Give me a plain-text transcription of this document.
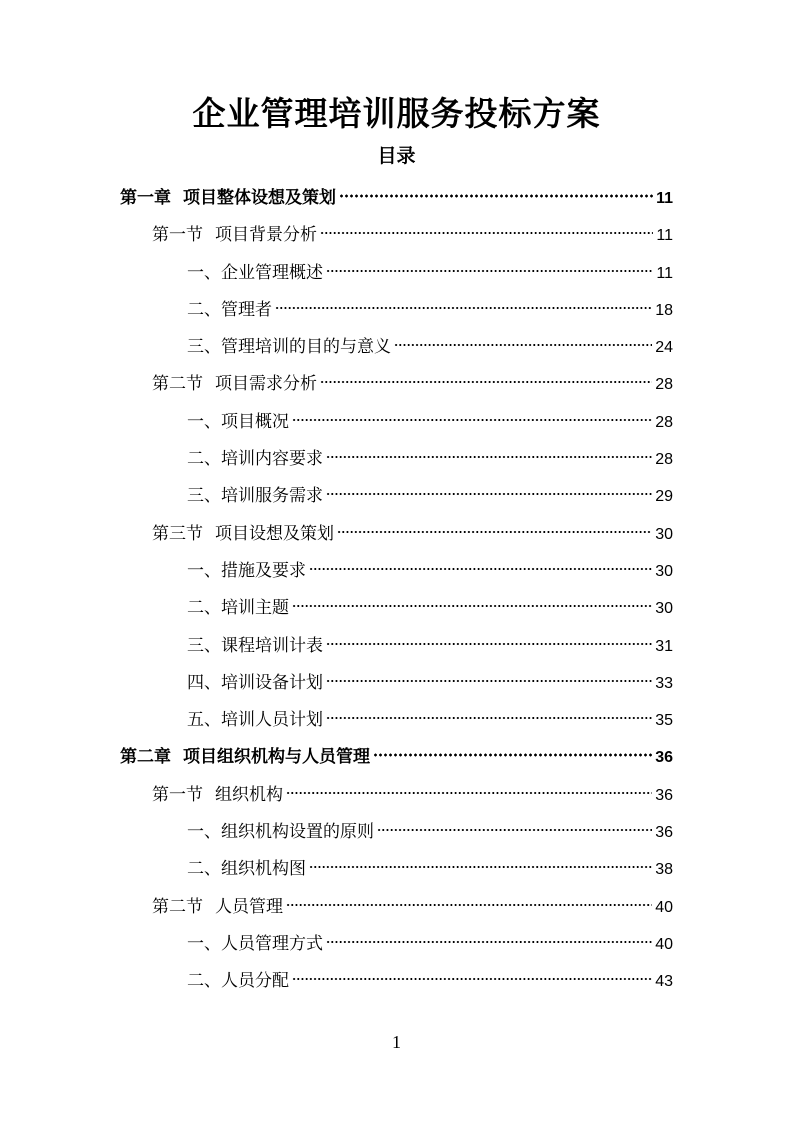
企业管理培训服务投标方案
目录
第一章 项目整体设想及策划	11
第一节 项目背景分析	11
一、企业管理概述	11
二、管理者	18
三、管理培训的目的与意义	24
第二节 项目需求分析	28
一、项目概况	28
二、培训内容要求	28
三、培训服务需求	29
第三节 项目设想及策划	30
一、措施及要求	30
二、培训主题	30
三、课程培训计表	31
四、培训设备计划	33
五、培训人员计划	35
第二章 项目组织机构与人员管理	36
第一节 组织机构	36
一、组织机构设置的原则	36
二、组织机构图	38
第二节 人员管理	40
一、人员管理方式	40
二、人员分配	43
1
